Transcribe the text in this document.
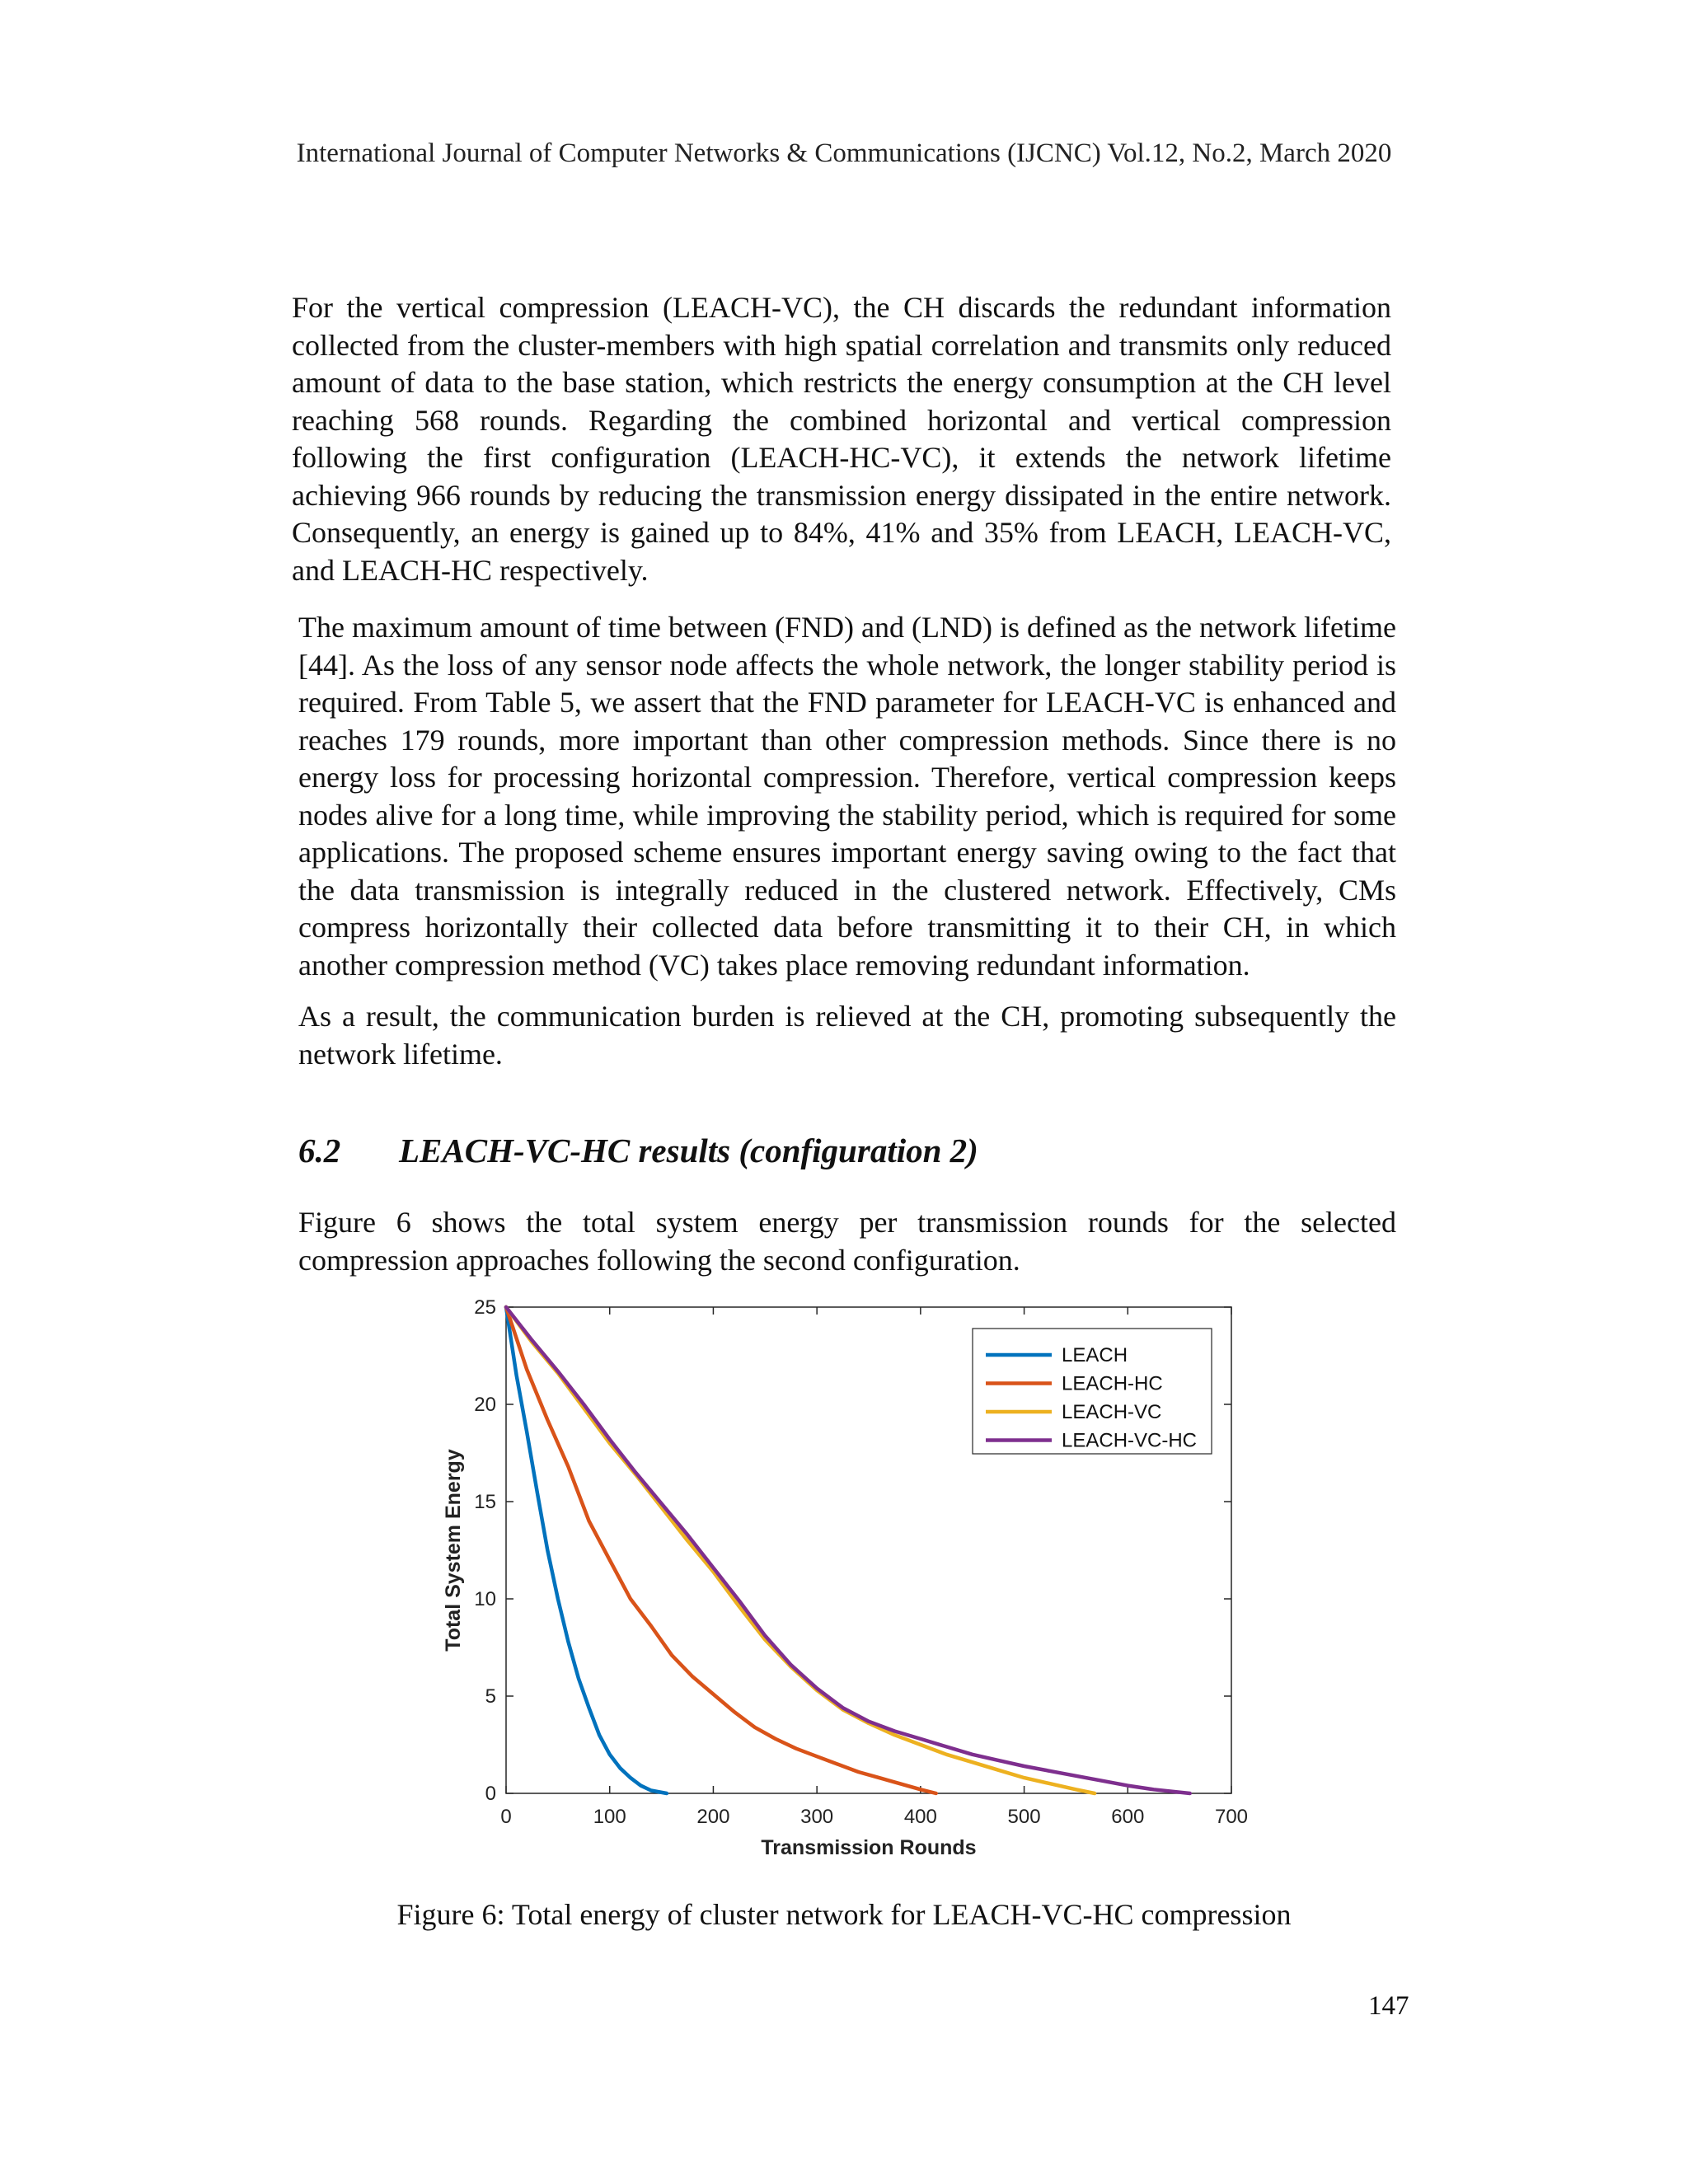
International Journal of Computer Networks & Communications (IJCNC) Vol.12, No.2, March 2020

For the vertical compression (LEACH-VC), the CH discards the redundant information collected from the cluster-members with high spatial correlation and transmits only reduced amount of data to the base station, which restricts the energy consumption at the CH level reaching 568 rounds. Regarding the combined horizontal and vertical compression following the first configuration (LEACH-HC-VC), it extends the network lifetime achieving 966 rounds by reducing the transmission energy dissipated in the entire network. Consequently, an energy is gained up to 84%, 41% and 35% from LEACH, LEACH-VC, and LEACH-HC respectively.

The maximum amount of time between (FND) and (LND) is defined as the network lifetime [44]. As the loss of any sensor node affects the whole network, the longer stability period is required. From Table 5, we assert that the FND parameter for LEACH-VC is enhanced and reaches 179 rounds, more important than other compression methods. Since there is no energy loss for processing horizontal compression. Therefore, vertical compression keeps nodes alive for a long time, while improving the stability period, which is required for some applications. The proposed scheme ensures important energy saving owing to the fact that the data transmission is integrally reduced in the clustered network. Effectively, CMs compress horizontally their collected data before transmitting it to their CH, in which another compression method (VC) takes place removing redundant information.

As a result, the communication burden is relieved at the CH, promoting subsequently the network lifetime.

6.2 LEACH-VC-HC results (configuration 2)

Figure 6 shows the total system energy per transmission rounds for the selected compression approaches following the second configuration.

0	100	200	300	400	500	600	700
0
5
10
15
20
25
Transmission Rounds
Total System Energy
LEACH
LEACH-HC
LEACH-VC
LEACH-VC-HC
Figure 6: Total energy of cluster network for LEACH-VC-HC compression
147
